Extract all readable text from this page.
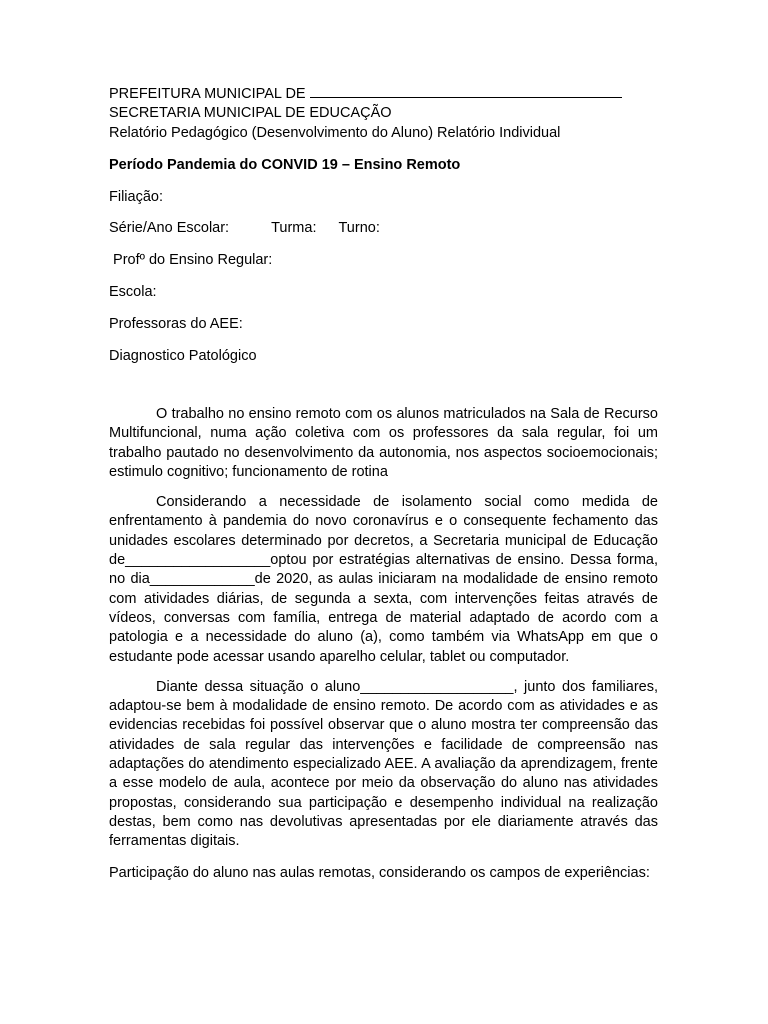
PREFEITURA MUNICIPAL DE
SECRETARIA MUNICIPAL DE EDUCAÇÃO
Relatório Pedagógico (Desenvolvimento do Aluno) Relatório Individual
Período Pandemia do CONVID 19 – Ensino Remoto
Filiação:
Série/Ano Escolar:	Turma: Turno:
Profº do Ensino Regular:
Escola:
Professoras do AEE:
Diagnostico Patológico

O trabalho no ensino remoto com os alunos matriculados na Sala de Recurso Multifuncional, numa ação coletiva com os professores da sala regular, foi um trabalho pautado no desenvolvimento da autonomia, nos aspectos socioemocionais; estimulo cognitivo; funcionamento de rotina

Considerando a necessidade de isolamento social como medida de enfrentamento à pandemia do novo coronavírus e o consequente fechamento das unidades escolares determinado por decretos, a Secretaria municipal de Educação de__________________optou por estratégias alternativas de ensino. Dessa forma, no dia_____________de 2020, as aulas iniciaram na modalidade de ensino remoto com atividades diárias, de segunda a sexta, com intervenções feitas através de vídeos, conversas com família, entrega de material adaptado de acordo com a patologia e a necessidade do aluno (a), como também via WhatsApp em que o estudante pode acessar usando aparelho celular, tablet ou computador.

Diante dessa situação o aluno___________________, junto dos familiares, adaptou-se bem à modalidade de ensino remoto. De acordo com as atividades e as evidencias recebidas foi possível observar que o aluno mostra ter compreensão das atividades de sala regular das intervenções e facilidade de compreensão nas adaptações do atendimento especializado AEE. A avaliação da aprendizagem, frente a esse modelo de aula, acontece por meio da observação do aluno nas atividades propostas, considerando sua participação e desempenho individual na realização destas, bem como nas devolutivas apresentadas por ele diariamente através das ferramentas digitais.

Participação do aluno nas aulas remotas, considerando os campos de experiências:
